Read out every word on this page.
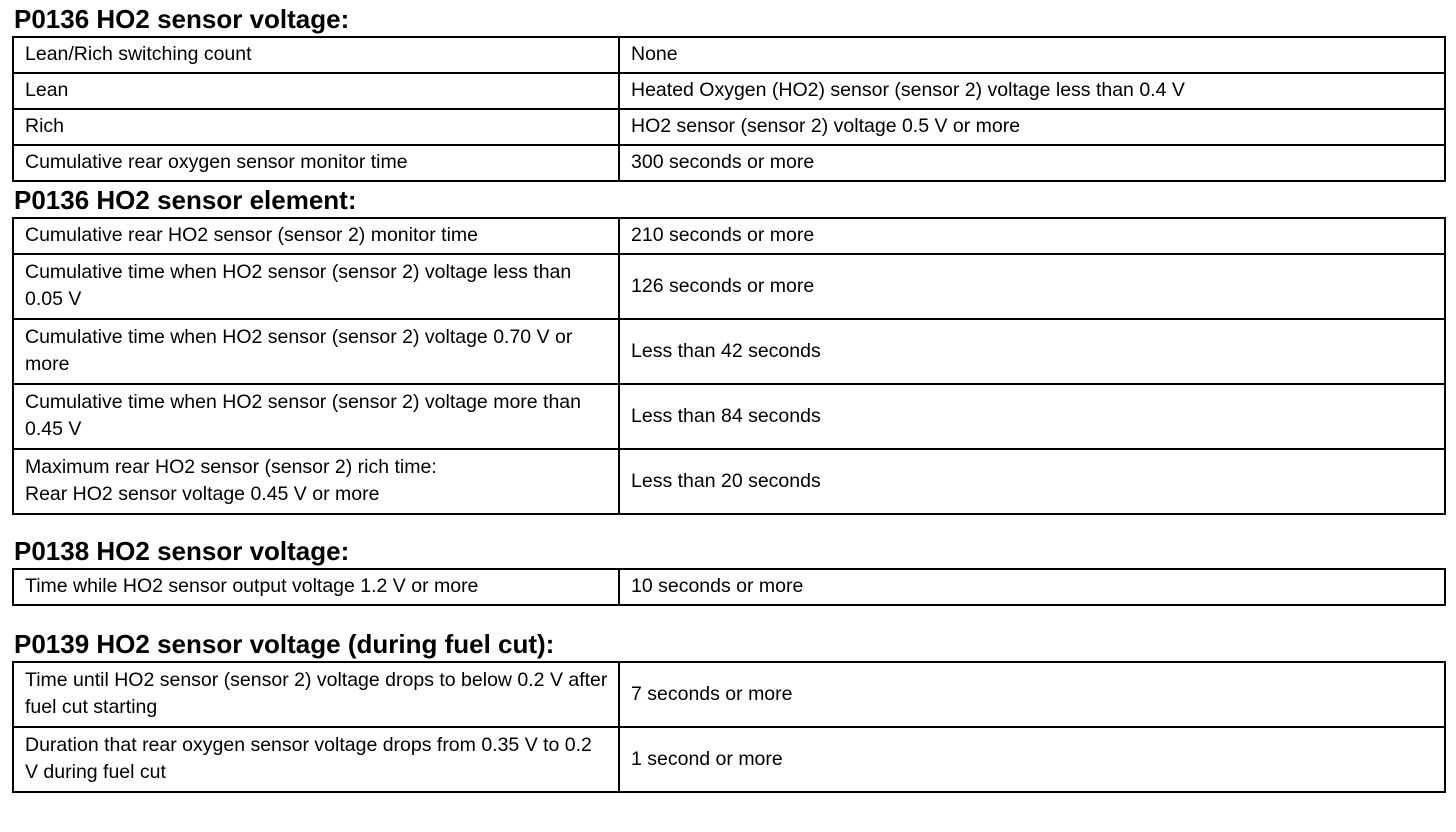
P0136 HO2 sensor voltage:
Lean/Rich switching count	None
Lean	Heated Oxygen (HO2) sensor (sensor 2) voltage less than 0.4 V
Rich	HO2 sensor (sensor 2) voltage 0.5 V or more
Cumulative rear oxygen sensor monitor time	300 seconds or more
P0136 HO2 sensor element:
Cumulative rear HO2 sensor (sensor 2) monitor time	210 seconds or more
Cumulative time when HO2 sensor (sensor 2) voltage less than 0.05 V	126 seconds or more
Cumulative time when HO2 sensor (sensor 2) voltage 0.70 V or more	Less than 42 seconds
Cumulative time when HO2 sensor (sensor 2) voltage more than 0.45 V	Less than 84 seconds
Maximum rear HO2 sensor (sensor 2) rich time:
Rear HO2 sensor voltage 0.45 V or more	Less than 20 seconds
P0138 HO2 sensor voltage:
Time while HO2 sensor output voltage 1.2 V or more	10 seconds or more
P0139 HO2 sensor voltage (during fuel cut):
Time until HO2 sensor (sensor 2) voltage drops to below 0.2 V after fuel cut starting	7 seconds or more
Duration that rear oxygen sensor voltage drops from 0.35 V to 0.2 V during fuel cut	1 second or more
